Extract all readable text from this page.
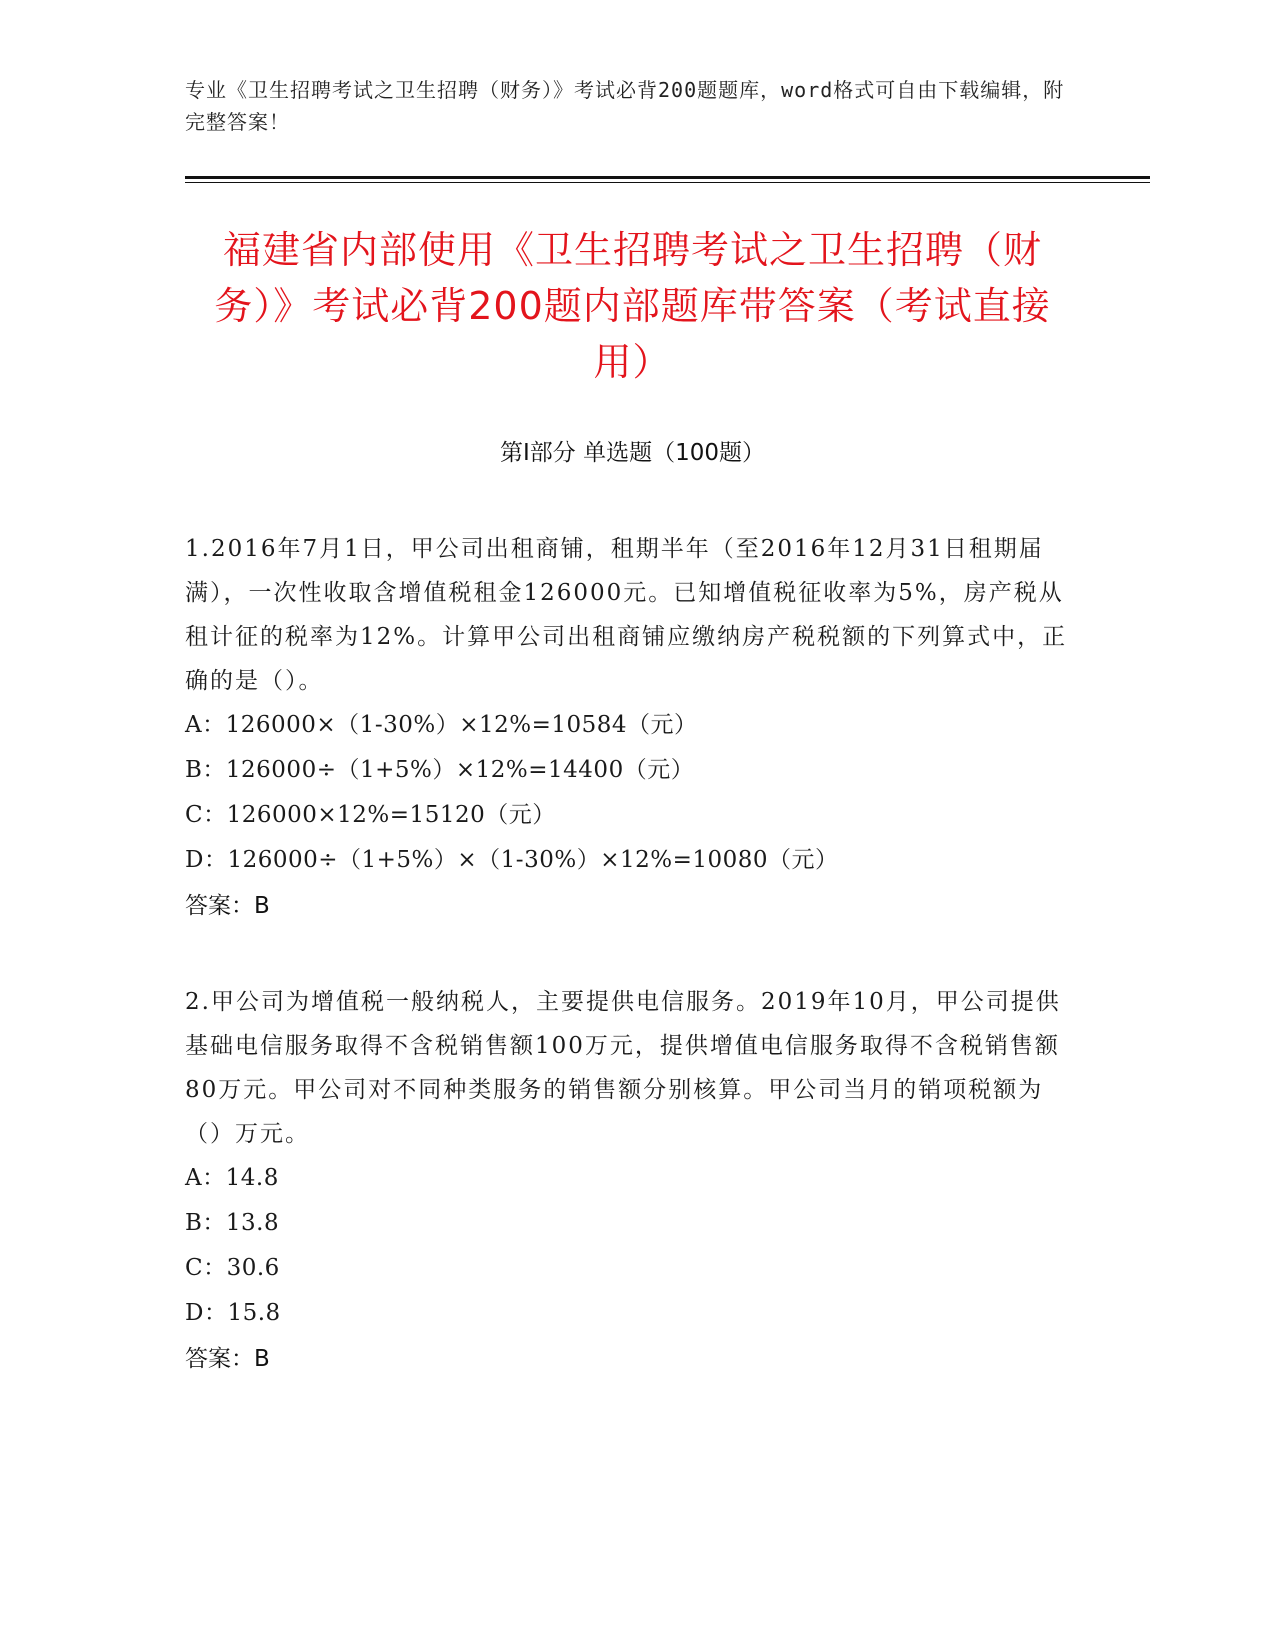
专业《卫生招聘考试之卫生招聘（财务）》考试必背200题题库，word格式可自由下载编辑，附完整答案！
福建省内部使用《卫生招聘考试之卫生招聘（财务）》考试必背200题内部题库带答案（考试直接用）
第Ⅰ部分 单选题（100题）

1.2016年7月1日，甲公司出租商铺，租期半年（至2016年12月31日租期届满），一次性收取含增值税租金126000元。已知增值税征收率为5%，房产税从租计征的税率为12%。计算甲公司出租商铺应缴纳房产税税额的下列算式中，正确的是（）。

A：126000×（1-30%）×12%=10584（元）

B：126000÷（1+5%）×12%=14400（元）

C：126000×12%=15120（元）

D：126000÷（1+5%）×（1-30%）×12%=10080（元）

答案：B

2.甲公司为增值税一般纳税人，主要提供电信服务。2019年10月，甲公司提供基础电信服务取得不含税销售额100万元，提供增值电信服务取得不含税销售额80万元。甲公司对不同种类服务的销售额分别核算。甲公司当月的销项税额为（）万元。

A：14.8

B：13.8

C：30.6

D：15.8

答案：B
